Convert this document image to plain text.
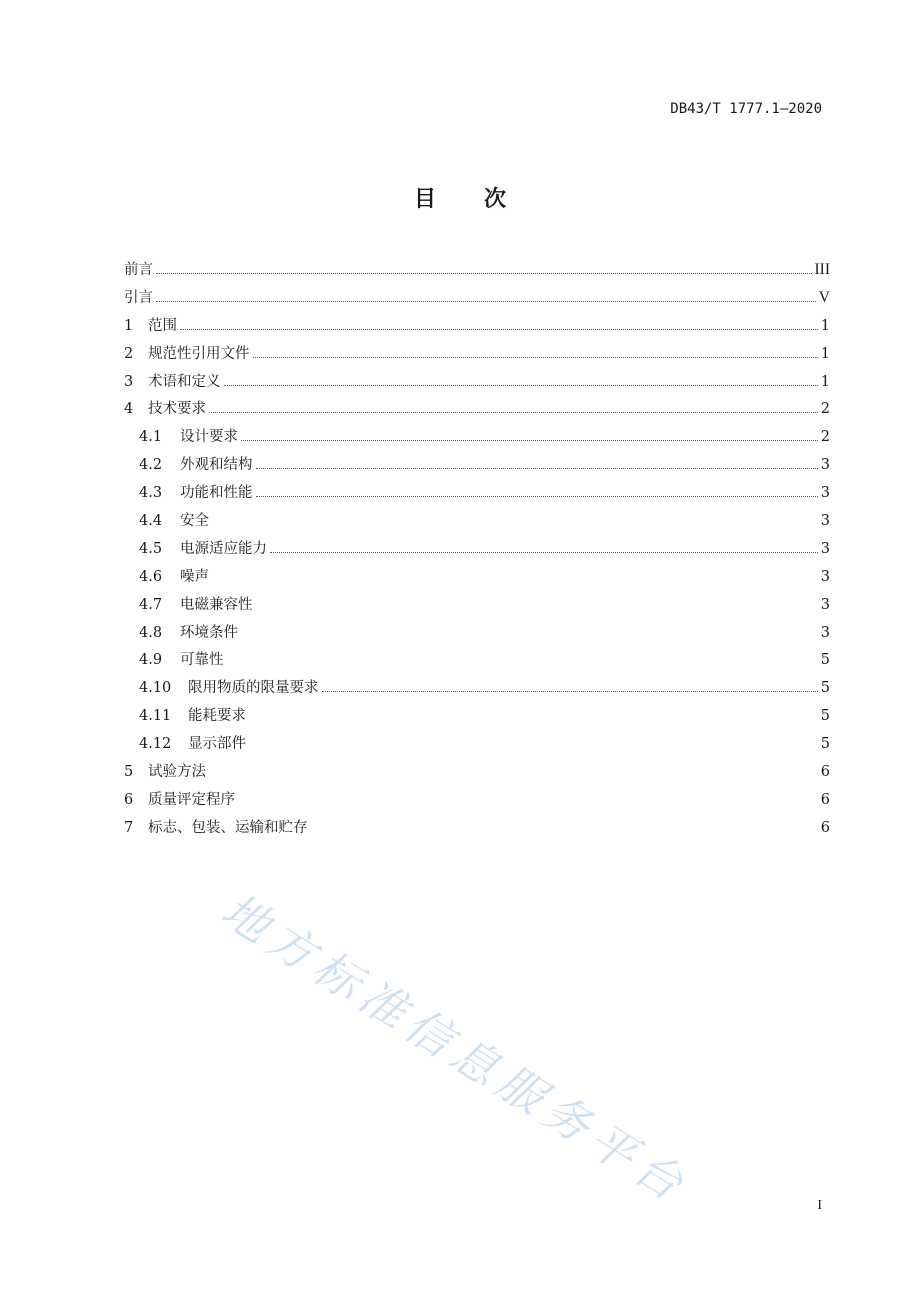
DB43/T 1777.1—2020
目 次
前言	III
引言	V
1	范围	1
2	规范性引用文件	1
3	术语和定义	1
4	技术要求	2
4.1	设计要求	2
4.2	外观和结构	3
4.3	功能和性能	3
4.4	安全	3
4.5	电源适应能力	3
4.6	噪声	3
4.7	电磁兼容性	3
4.8	环境条件	3
4.9	可靠性	5
4.10	限用物质的限量要求	5
4.11	能耗要求	5
4.12	显示部件	5
5	试验方法	6
6	质量评定程序	6
7	标志、包装、运输和贮存	6
I
地方标准信息服务平台
